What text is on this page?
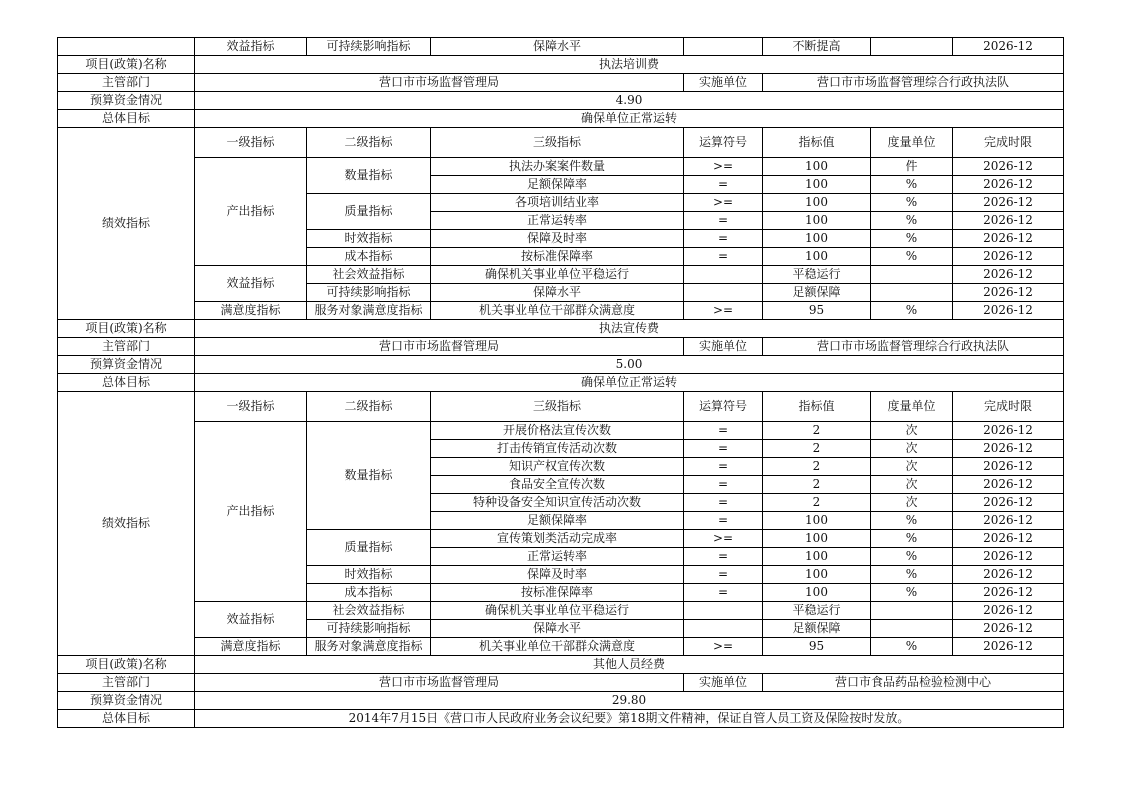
	效益指标	可持续影响指标	保障水平		不断提高		2026-12
项目(政策)名称	执法培训费						
主管部门	营口市市场监督管理局			实施单位	营口市市场监督管理综合行政执法队		
预算资金情况	4.90						
总体目标	确保单位正常运转						
绩效指标	一级指标	二级指标	三级指标	运算符号	指标值	度量单位	完成时限
	产出指标	数量指标	执法办案案件数量	>=	100	件	2026-12
			足额保障率	=	100	%	2026-12
		质量指标	各项培训结业率	>=	100	%	2026-12
			正常运转率	=	100	%	2026-12
		时效指标	保障及时率	=	100	%	2026-12
		成本指标	按标准保障率	=	100	%	2026-12
	效益指标	社会效益指标	确保机关事业单位平稳运行		平稳运行		2026-12
		可持续影响指标	保障水平		足额保障		2026-12
	满意度指标	服务对象满意度指标	机关事业单位干部群众满意度	>=	95	%	2026-12
项目(政策)名称	执法宣传费						
主管部门	营口市市场监督管理局			实施单位	营口市市场监督管理综合行政执法队		
预算资金情况	5.00						
总体目标	确保单位正常运转						
绩效指标	一级指标	二级指标	三级指标	运算符号	指标值	度量单位	完成时限
	产出指标	数量指标	开展价格法宣传次数	=	2	次	2026-12
			打击传销宣传活动次数	=	2	次	2026-12
			知识产权宣传次数	=	2	次	2026-12
			食品安全宣传次数	=	2	次	2026-12
			特种设备安全知识宣传活动次数	=	2	次	2026-12
			足额保障率	=	100	%	2026-12
		质量指标	宣传策划类活动完成率	>=	100	%	2026-12
			正常运转率	=	100	%	2026-12
		时效指标	保障及时率	=	100	%	2026-12
		成本指标	按标准保障率	=	100	%	2026-12
	效益指标	社会效益指标	确保机关事业单位平稳运行		平稳运行		2026-12
		可持续影响指标	保障水平		足额保障		2026-12
	满意度指标	服务对象满意度指标	机关事业单位干部群众满意度	>=	95	%	2026-12
项目(政策)名称	其他人员经费						
主管部门	营口市市场监督管理局			实施单位	营口市食品药品检验检测中心		
预算资金情况	29.80						
总体目标	2014年7月15日《营口市人民政府业务会议纪要》第18期文件精神，保证自管人员工资及保险按时发放。						
